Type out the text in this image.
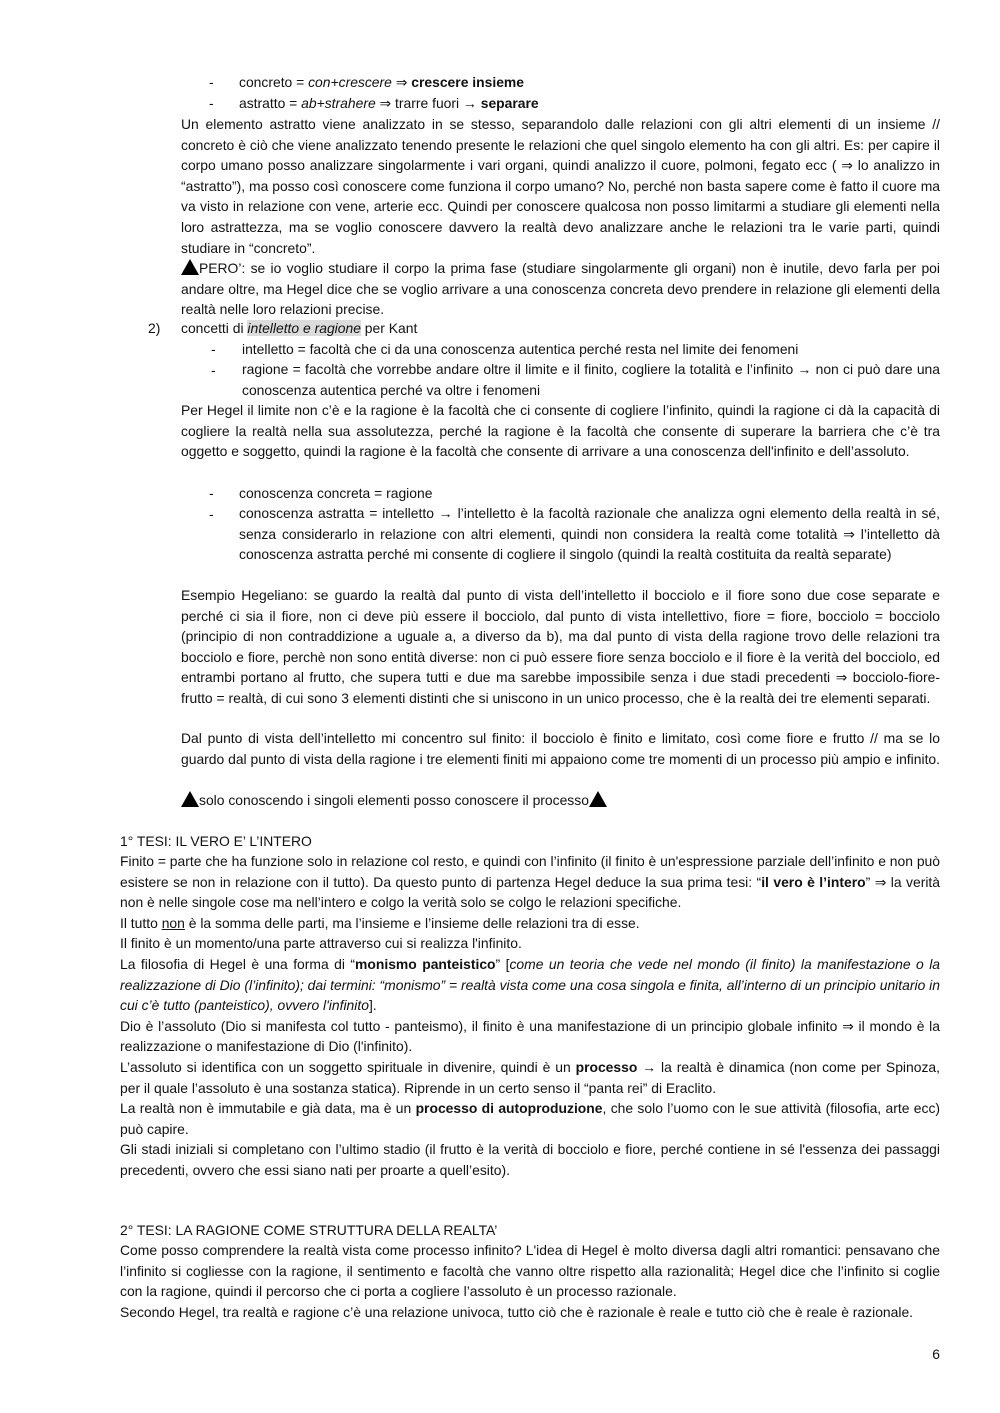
- concreto = con+crescere ⇒ crescere insieme
- astratto = ab+strahere ⇒ trarre fuori → separare
Un elemento astratto viene analizzato in se stesso, separandolo dalle relazioni con gli altri elementi di un insieme // concreto è ciò che viene analizzato tenendo presente le relazioni che quel singolo elemento ha con gli altri. Es: per capire il corpo umano posso analizzare singolarmente i vari organi, quindi analizzo il cuore, polmoni, fegato ecc ( ⇒ lo analizzo in “astratto”), ma posso così conoscere come funziona il corpo umano? No, perché non basta sapere come è fatto il cuore ma va visto in relazione con vene, arterie ecc. Quindi per conoscere qualcosa non posso limitarmi a studiare gli elementi nella loro astrattezza, ma se voglio conoscere davvero la realtà devo analizzare anche le relazioni tra le varie parti, quindi studiare in “concreto”.
PERO’: se io voglio studiare il corpo la prima fase (studiare singolarmente gli organi) non è inutile, devo farla per poi andare oltre, ma Hegel dice che se voglio arrivare a una conoscenza concreta devo prendere in relazione gli elementi della realtà nelle loro relazioni precise.
2) concetti di intelletto e ragione per Kant
- intelletto = facoltà che ci da una conoscenza autentica perché resta nel limite dei fenomeni
- ragione = facoltà che vorrebbe andare oltre il limite e il finito, cogliere la totalità e l’infinito → non ci può dare una conoscenza autentica perché va oltre i fenomeni
Per Hegel il limite non c’è e la ragione è la facoltà che ci consente di cogliere l’infinito, quindi la ragione ci dà la capacità di cogliere la realtà nella sua assolutezza, perché la ragione è la facoltà che consente di superare la barriera che c’è tra oggetto e soggetto, quindi la ragione è la facoltà che consente di arrivare a una conoscenza dell'infinito e dell’assoluto.
- conoscenza concreta = ragione
- conoscenza astratta = intelletto → l’intelletto è la facoltà razionale che analizza ogni elemento della realtà in sé, senza considerarlo in relazione con altri elementi, quindi non considera la realtà come totalità ⇒ l’intelletto dà conoscenza astratta perché mi consente di cogliere il singolo (quindi la realtà costituita da realtà separate)
Esempio Hegeliano: se guardo la realtà dal punto di vista dell’intelletto il bocciolo e il fiore sono due cose separate e perché ci sia il fiore, non ci deve più essere il bocciolo, dal punto di vista intellettivo, fiore = fiore, bocciolo = bocciolo (principio di non contraddizione a uguale a, a diverso da b), ma dal punto di vista della ragione trovo delle relazioni tra bocciolo e fiore, perchè non sono entità diverse: non ci può essere fiore senza bocciolo e il fiore è la verità del bocciolo, ed entrambi portano al frutto, che supera tutti e due ma sarebbe impossibile senza i due stadi precedenti ⇒ bocciolo-fiore-frutto = realtà, di cui sono 3 elementi distinti che si uniscono in un unico processo, che è la realtà dei tre elementi separati.
Dal punto di vista dell’intelletto mi concentro sul finito: il bocciolo è finito e limitato, così come fiore e frutto // ma se lo guardo dal punto di vista della ragione i tre elementi finiti mi appaiono come tre momenti di un processo più ampio e infinito.
solo conoscendo i singoli elementi posso conoscere il processo
1° TESI: IL VERO E’ L’INTERO
Finito = parte che ha funzione solo in relazione col resto, e quindi con l’infinito (il finito è un'espressione parziale dell’infinito e non può esistere se non in relazione con il tutto). Da questo punto di partenza Hegel deduce la sua prima tesi: “il vero è l’intero” ⇒ la verità non è nelle singole cose ma nell’intero e colgo la verità solo se colgo le relazioni specifiche.
Il tutto non è la somma delle parti, ma l’insieme e l’insieme delle relazioni tra di esse.
Il finito è un momento/una parte attraverso cui si realizza l'infinito.
La filosofia di Hegel è una forma di “monismo panteistico” [come un teoria che vede nel mondo (il finito) la manifestazione o la realizzazione di Dio (l’infinito); dai termini: “monismo” = realtà vista come una cosa singola e finita, all’interno di un principio unitario in cui c’è tutto (panteistico), ovvero l'infinito].
Dio è l’assoluto (Dio si manifesta col tutto - panteismo), il finito è una manifestazione di un principio globale infinito ⇒ il mondo è la realizzazione o manifestazione di Dio (l'infinito).
L’assoluto si identifica con un soggetto spirituale in divenire, quindi è un processo → la realtà è dinamica (non come per Spinoza, per il quale l’assoluto è una sostanza statica). Riprende in un certo senso il “panta rei” di Eraclito.
La realtà non è immutabile e già data, ma è un processo di autoproduzione, che solo l’uomo con le sue attività (filosofia, arte ecc) può capire.
Gli stadi iniziali si completano con l’ultimo stadio (il frutto è la verità di bocciolo e fiore, perché contiene in sé l'essenza dei passaggi precedenti, ovvero che essi siano nati per proarte a quell’esito).
2° TESI: LA RAGIONE COME STRUTTURA DELLA REALTA’
Come posso comprendere la realtà vista come processo infinito? L'idea di Hegel è molto diversa dagli altri romantici: pensavano che l’infinito si cogliesse con la ragione, il sentimento e facoltà che vanno oltre rispetto alla razionalità; Hegel dice che l’infinito si coglie con la ragione, quindi il percorso che ci porta a cogliere l’assoluto è un processo razionale.
Secondo Hegel, tra realtà e ragione c’è una relazione univoca, tutto ciò che è razionale è reale e tutto ciò che è reale è razionale.
6
